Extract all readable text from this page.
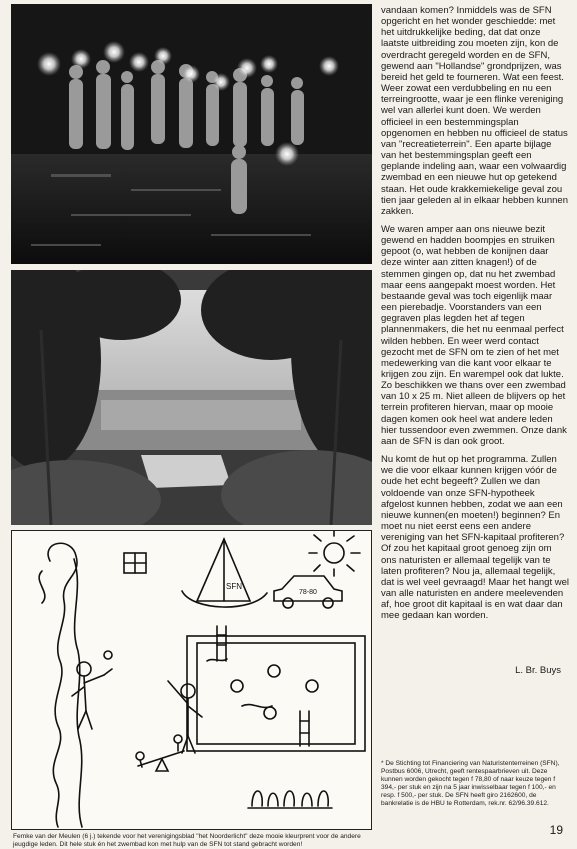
SFN
78-80

Femke van der Meulen (6 j.) tekende voor het verenigingsblad "het Noorderlicht" deze mooie kleurprent voor de andere jeugdige leden. Dit hele stuk én het zwembad kon met hulp van de SFN tot stand gebracht worden!

vandaan komen? Inmiddels was de SFN opgericht en het wonder geschiedde: met het uitdrukkelijke beding, dat dat onze laatste uitbreiding zou moeten zijn, kon de overdracht geregeld worden en de SFN, gewend aan "Hollandse" grondprijzen, was bereid het geld te fourneren. Wat een feest. Weer zowat een verdubbeling en nu een terreingrootte, waar je een flinke vereniging wel van allerlei kunt doen. We werden officieel in een bestemmingsplan opgenomen en hebben nu officieel de status van "recreatieterrein". Een aparte bijlage van het bestemmingsplan geeft een geplande indeling aan, waar een volwaardig zwembad en een nieuwe hut op getekend staan. Het oude krakkemiekelige geval zou tien jaar geleden al in elkaar hebben kunnen zakken.

We waren amper aan ons nieuwe bezit gewend en hadden boompjes en struiken gepoot (o, wat hebben de konijnen daar deze winter aan zitten knagen!) of de stemmen gingen op, dat nu het zwembad maar eens aangepakt moest worden. Het bestaande geval was toch eigenlijk maar een pierebadje. Voorstanders van een gegraven plas legden het af tegen plannenmakers, die het nu eenmaal perfect wilden hebben. En weer werd contact gezocht met de SFN om te zien of het met medewerking van die kant voor elkaar te krijgen zou zijn. En warempel ook dat lukte. Zo beschikken we thans over een zwembad van 10 x 25 m. Niet alleen de blijvers op het terrein profiteren hiervan, maar op mooie dagen komen ook heel wat andere leden hier tussendoor even zwemmen. Onze dank aan de SFN is dan ook groot.

Nu komt de hut op het programma. Zullen we die voor elkaar kunnen krijgen vóór de oude het echt begeeft? Zullen we dan voldoende van onze SFN-hypotheek afgelost kunnen hebben, zodat we aan een nieuwe kunnen(en moeten!) beginnen? En moet nu niet eerst eens een andere vereniging van het SFN-kapitaal profiteren? Of zou het kapitaal groot genoeg zijn om ons naturisten er allemaal tegelijk van te laten profiteren? Nou ja, allemaal tegelijk, dat is wel veel gevraagd! Maar het hangt wel van alle naturisten en andere meelevenden af, hoe groot dit kapitaal is en wat daar dan mee gedaan kan worden.

L. Br. Buys

* De Stichting tot Financiering van Naturistenterreinen (SFN), Postbus 6006, Utrecht, geeft rentespaarbrieven uit. Deze kunnen worden gekocht tegen f 78,80 of naar keuze tegen f 394,- per stuk en zijn na 5 jaar inwisselbaar tegen f 100,- en resp. f 500,- per stuk. De SFN heeft giro 2162600, de bankrelatie is de HBU te Rotterdam, rek.nr. 62/96.39.612.

19
